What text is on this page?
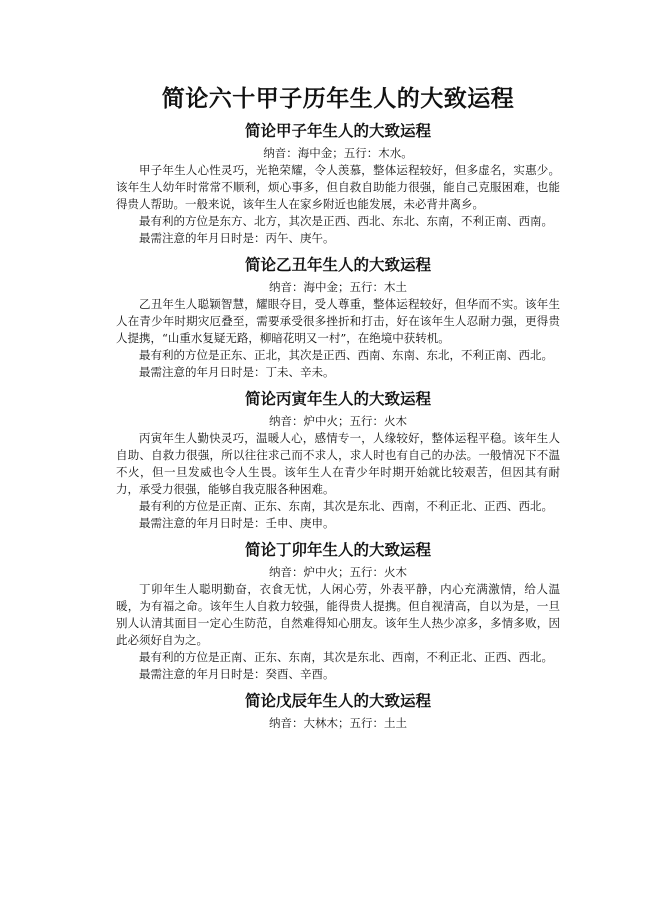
简论六十甲子历年生人的大致运程
简论甲子年生人的大致运程

纳音：海中金；五行：木水。

甲子年生人心性灵巧，光艳荣耀，令人羡慕，整体运程较好，但多虚名，实惠少。该年生人幼年时常常不顺利，烦心事多，但自救自助能力很强，能自己克服困难，也能得贵人帮助。一般来说，该年生人在家乡附近也能发展，未必背井离乡。

最有利的方位是东方、北方，其次是正西、西北、东北、东南，不利正南、西南。

最需注意的年月日时是：丙午、庚午。

简论乙丑年生人的大致运程

纳音：海中金；五行：木土

乙丑年生人聪颖智慧，耀眼夺目，受人尊重，整体运程较好，但华而不实。该年生人在青少年时期灾厄叠至，需要承受很多挫折和打击，好在该年生人忍耐力强，更得贵人提携，“山重水复疑无路，柳暗花明又一村”，在绝境中获转机。

最有利的方位是正东、正北，其次是正西、西南、东南、东北，不利正南、西北。

最需注意的年月日时是：丁未、辛未。

简论丙寅年生人的大致运程

纳音：炉中火；五行：火木

丙寅年生人勤快灵巧，温暖人心，感情专一，人缘较好，整体运程平稳。该年生人自助、自救力很强，所以往往求己而不求人，求人时也有自己的办法。一般情况下不温不火，但一旦发威也令人生畏。该年生人在青少年时期开始就比较艰苦，但因其有耐力，承受力很强，能够自我克服各种困难。

最有利的方位是正南、正东、东南，其次是东北、西南，不利正北、正西、西北。

最需注意的年月日时是：壬申、庚申。

简论丁卯年生人的大致运程

纳音：炉中火；五行：火木

丁卯年生人聪明勤奋，衣食无忧，人闲心劳，外表平静，内心充满激情，给人温暖，为有福之命。该年生人自救力较强，能得贵人提携。但自视清高，自以为是，一旦别人认清其面目一定心生防范，自然难得知心朋友。该年生人热少凉多，多情多败，因此必须好自为之。

最有利的方位是正南、正东、东南，其次是东北、西南，不利正北、正西、西北。

最需注意的年月日时是：癸酉、辛酉。

简论戊辰年生人的大致运程

纳音：大林木；五行：土土
